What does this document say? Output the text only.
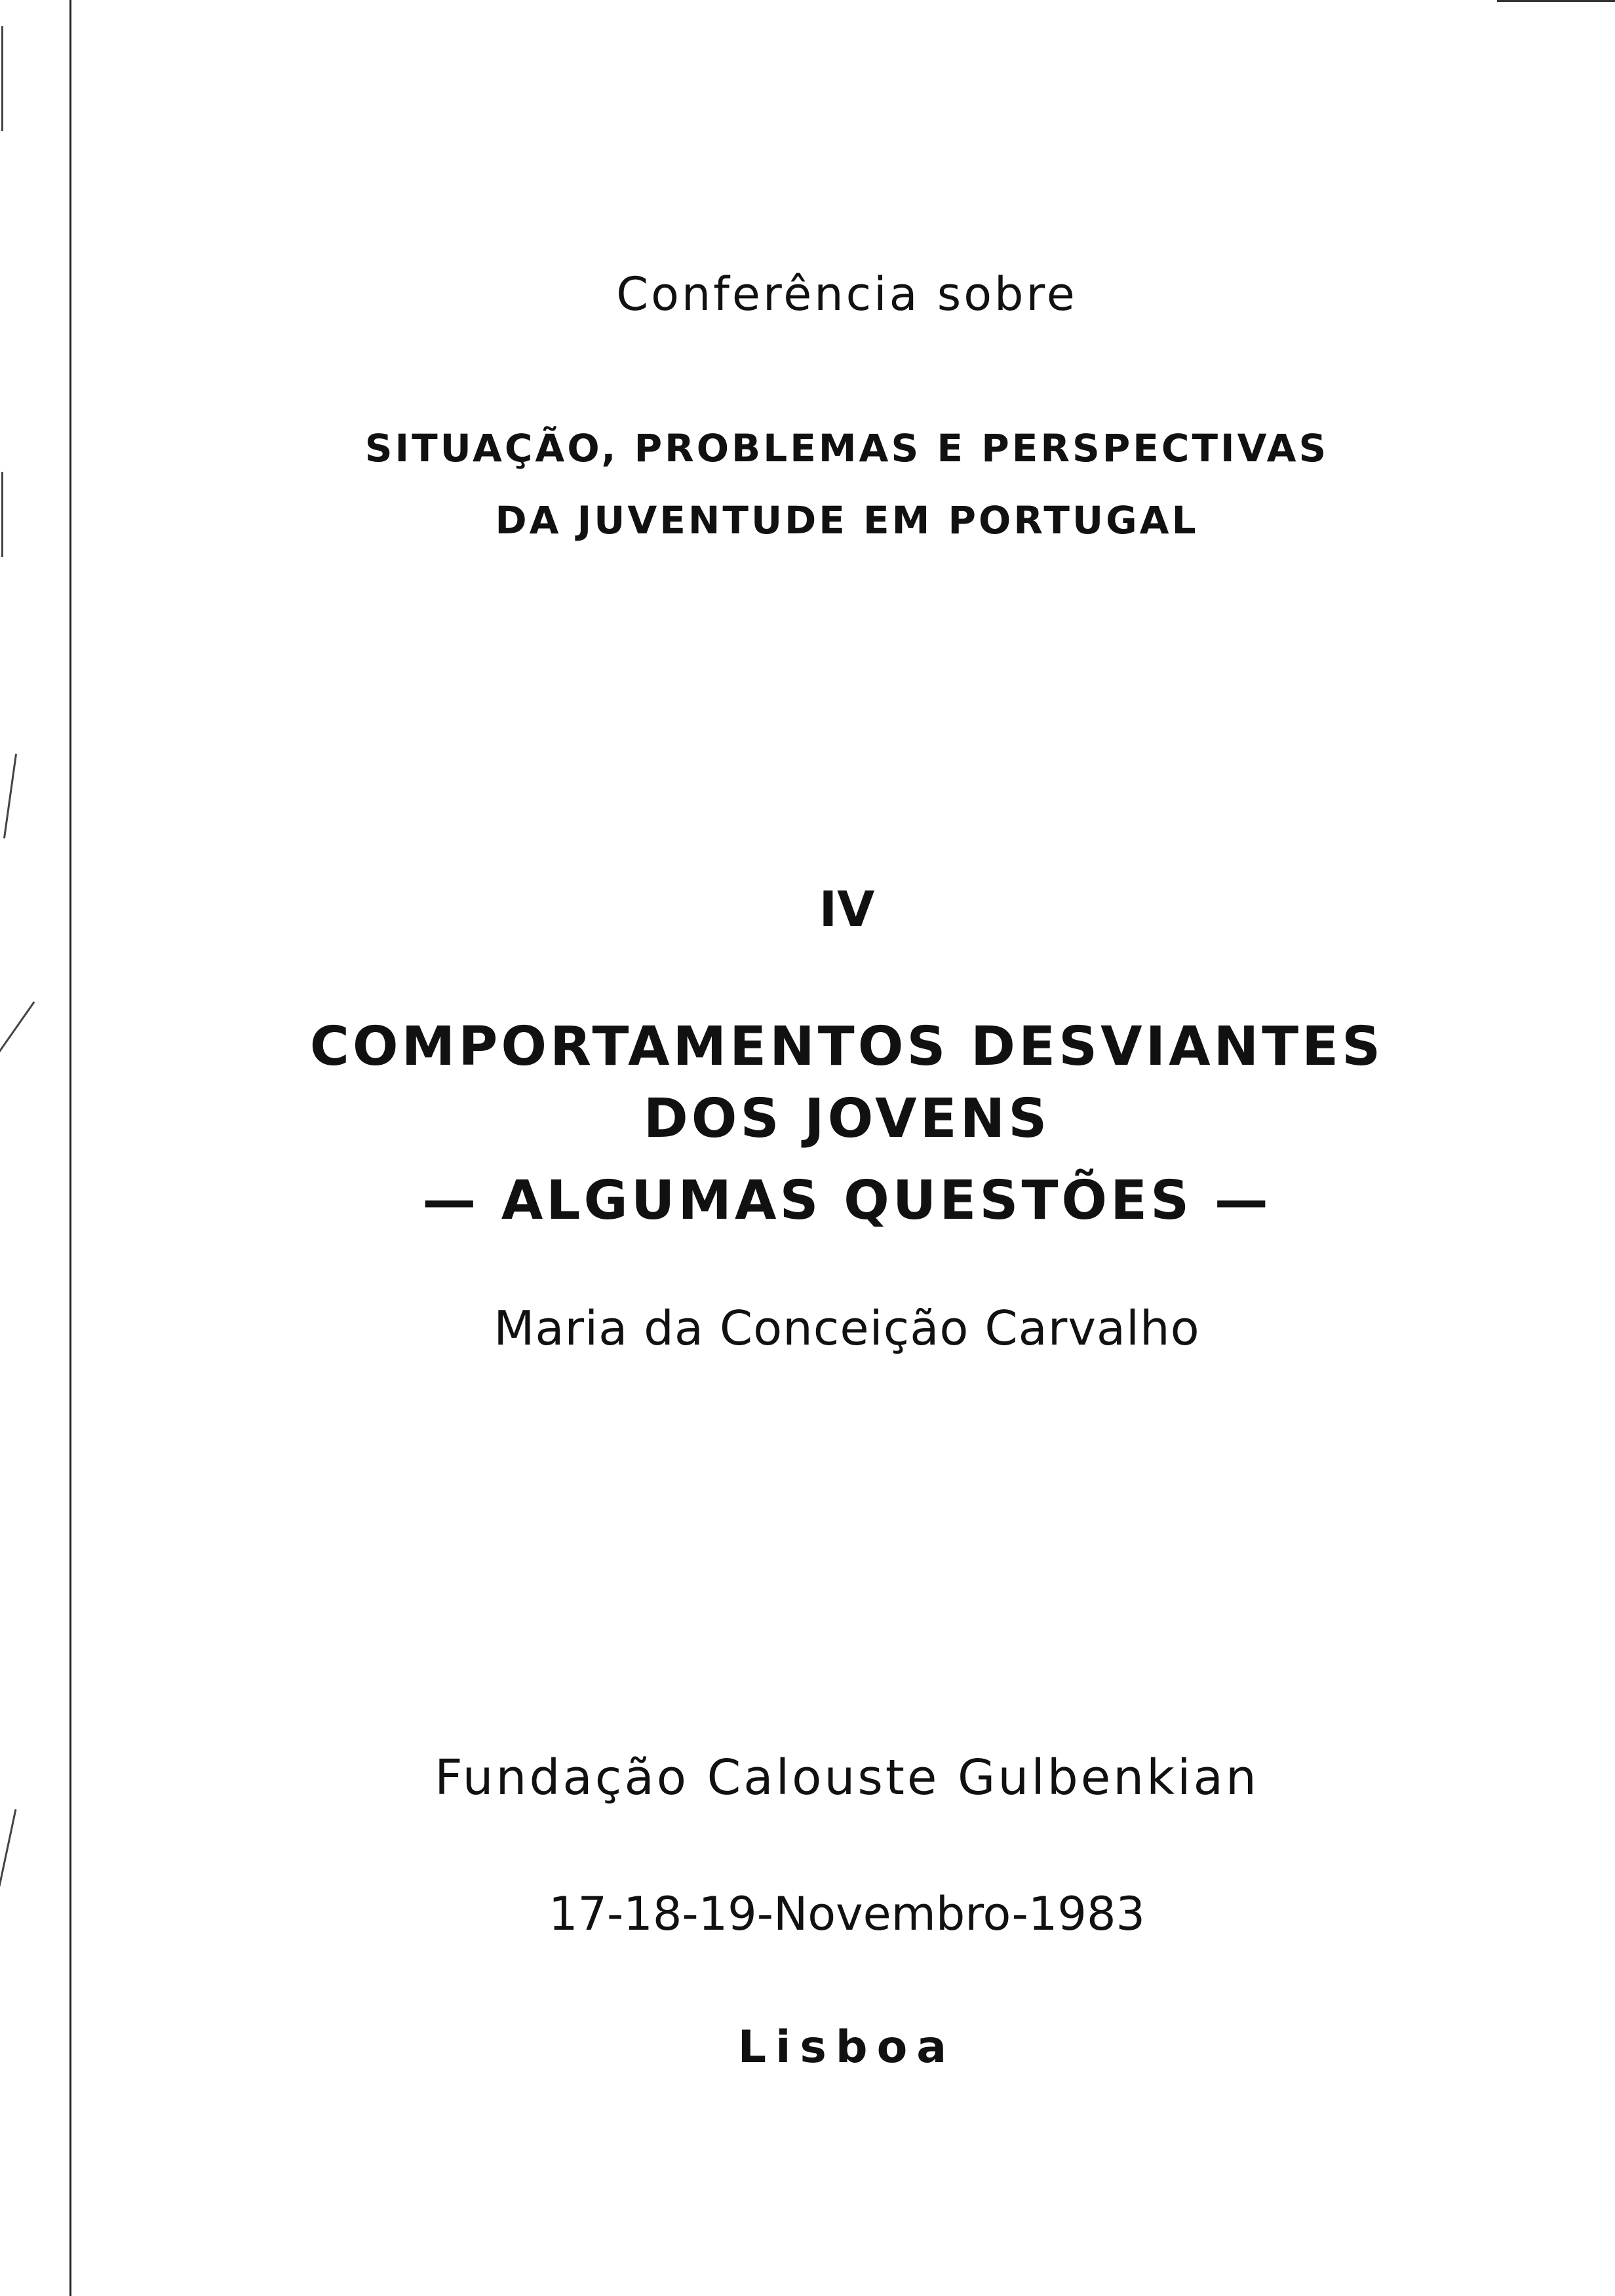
Conferência sobre
SITUAÇÃO, PROBLEMAS E PERSPECTIVAS
DA JUVENTUDE EM PORTUGAL
IV
COMPORTAMENTOS DESVIANTES
DOS JOVENS
— ALGUMAS QUESTÕES —
Maria da Conceição Carvalho
Fundação Calouste Gulbenkian
17-18-19-Novembro-1983
Lisboa
